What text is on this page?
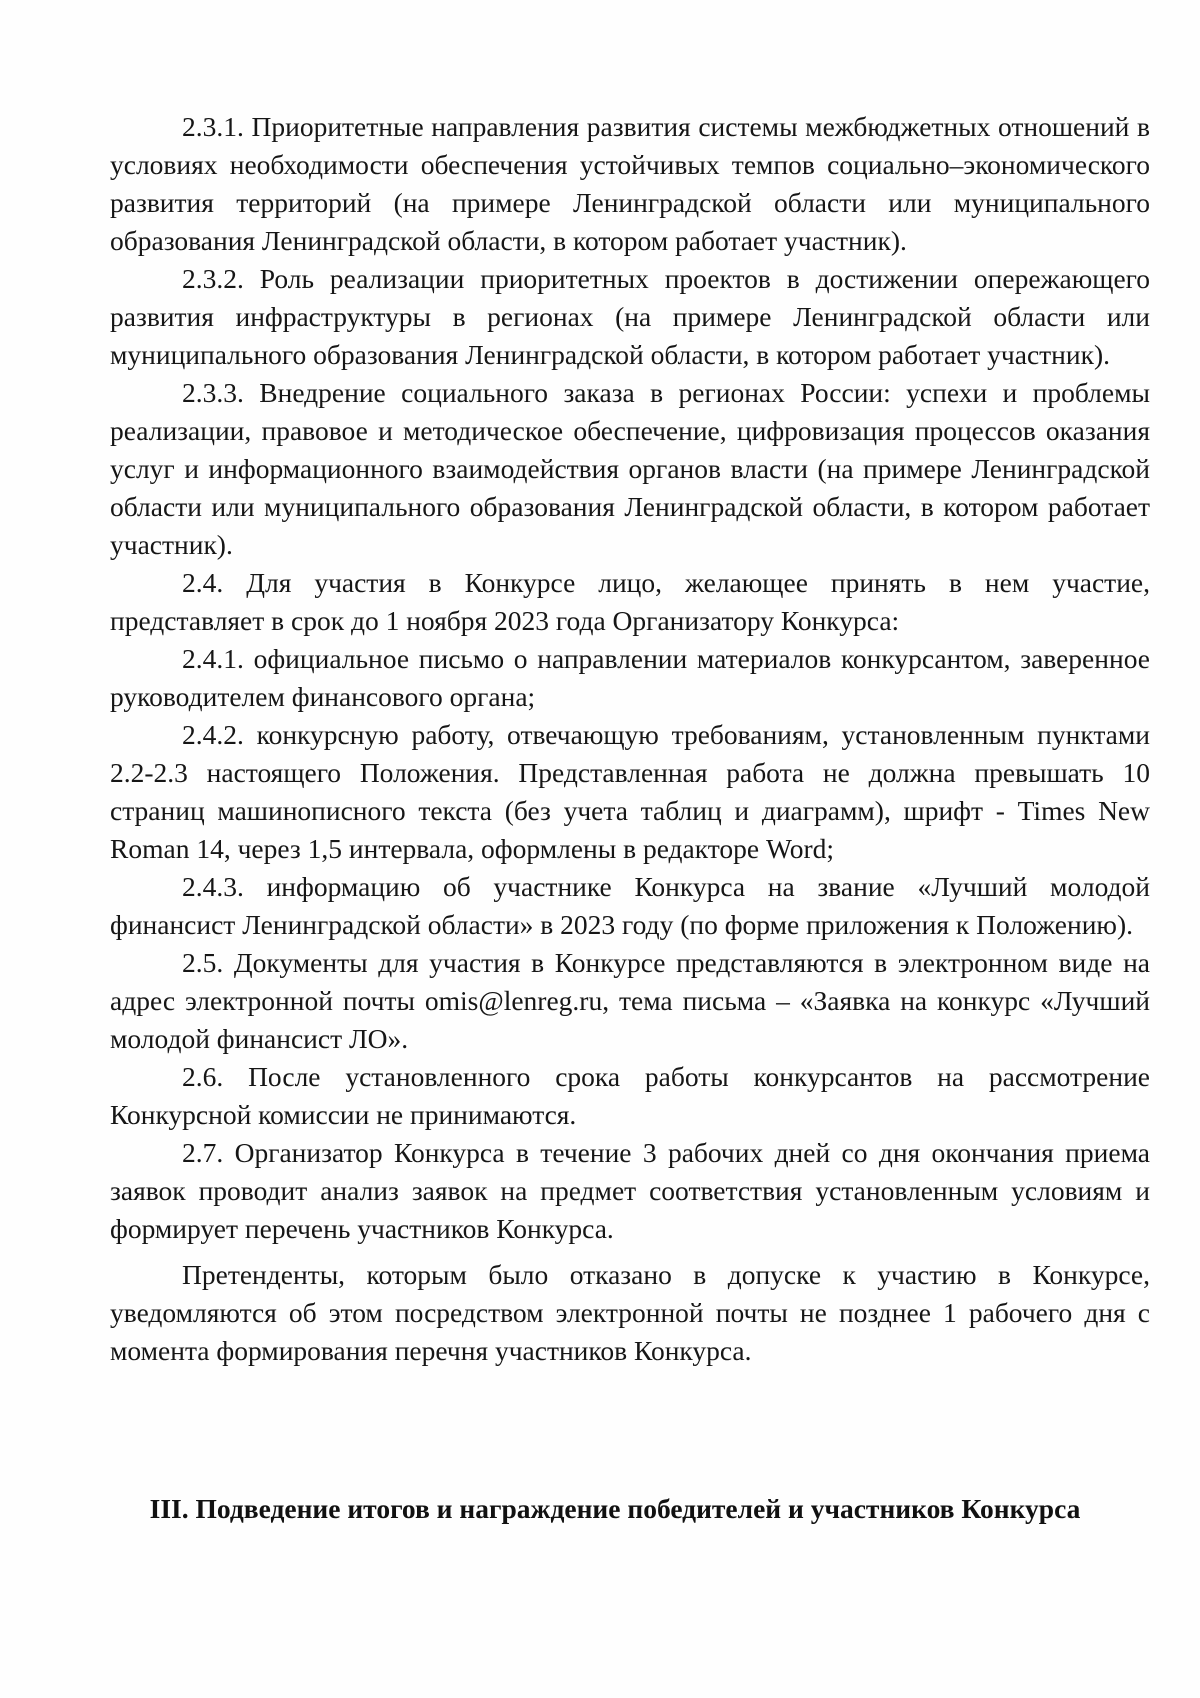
2.3.1. Приоритетные направления развития системы межбюджетных отношений в условиях необходимости обеспечения устойчивых темпов социально–экономического развития территорий (на примере Ленинградской области или муниципального образования Ленинградской области, в котором работает участник).

2.3.2. Роль реализации приоритетных проектов в достижении опережающего развития инфраструктуры в регионах (на примере Ленинградской области или муниципального образования Ленинградской области, в котором работает участник).

2.3.3. Внедрение социального заказа в регионах России: успехи и проблемы реализации, правовое и методическое обеспечение, цифровизация процессов оказания услуг и информационного взаимодействия органов власти (на примере Ленинградской области или муниципального образования Ленинградской области, в котором работает участник).

2.4. Для участия в Конкурсе лицо, желающее принять в нем участие, представляет в срок до 1 ноября 2023 года Организатору Конкурса:

2.4.1. официальное письмо о направлении материалов конкурсантом, заверенное руководителем финансового органа;

2.4.2. конкурсную работу, отвечающую требованиям, установленным пунктами 2.2-2.3 настоящего Положения. Представленная работа не должна превышать 10 страниц машинописного текста (без учета таблиц и диаграмм), шрифт - Times New Roman 14, через 1,5 интервала, оформлены в редакторе Word;

2.4.3. информацию об участнике Конкурса на звание «Лучший молодой финансист Ленинградской области» в 2023 году (по форме приложения к Положению).

2.5. Документы для участия в Конкурсе представляются в электронном виде на адрес электронной почты omis@lenreg.ru, тема письма – «Заявка на конкурс «Лучший молодой финансист ЛО».

2.6. После установленного срока работы конкурсантов на рассмотрение Конкурсной комиссии не принимаются.

2.7. Организатор Конкурса в течение 3 рабочих дней со дня окончания приема заявок проводит анализ заявок на предмет соответствия установленным условиям и формирует перечень участников Конкурса.

Претенденты, которым было отказано в допуске к участию в Конкурсе, уведомляются об этом посредством электронной почты не позднее 1 рабочего дня с момента формирования перечня участников Конкурса.

III. Подведение итогов и награждение победителей и участников Конкурса
